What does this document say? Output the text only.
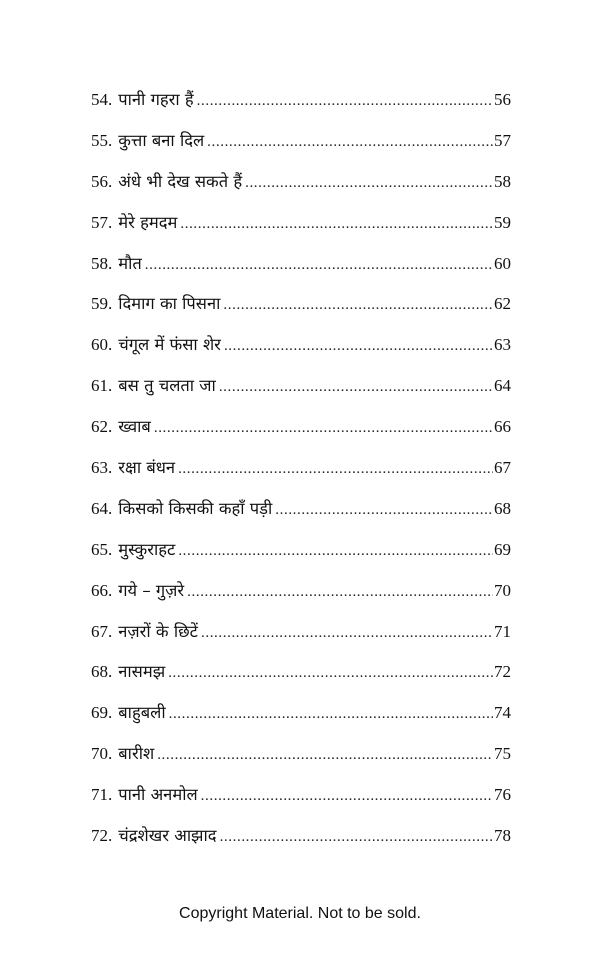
54. पानी गहरा हैं .....	56
55. कुत्ता बना दिल .....	57
56. अंधे भी देख सकते हैं .....	58
57. मेरे हमदम .....	59
58. मौत .....	60
59. दिमाग का पिसना .....	62
60. चंगूल में फंसा शेर .....	63
61. बस तु चलता जा .....	64
62. ख्वाब .....	66
63. रक्षा बंधन .....	67
64. किसको किसकी कहाँ पड़ी .....	68
65. मुस्कुराहट .....	69
66. गये – गुज़रे .....	70
67. नज़रों के छिटें .....	71
68. नासमझ .....	72
69. बाहुबली .....	74
70. बारीश .....	75
71. पानी अनमोल .....	76
72. चंद्रशेखर आझाद .....	78
Copyright Material. Not to be sold.
